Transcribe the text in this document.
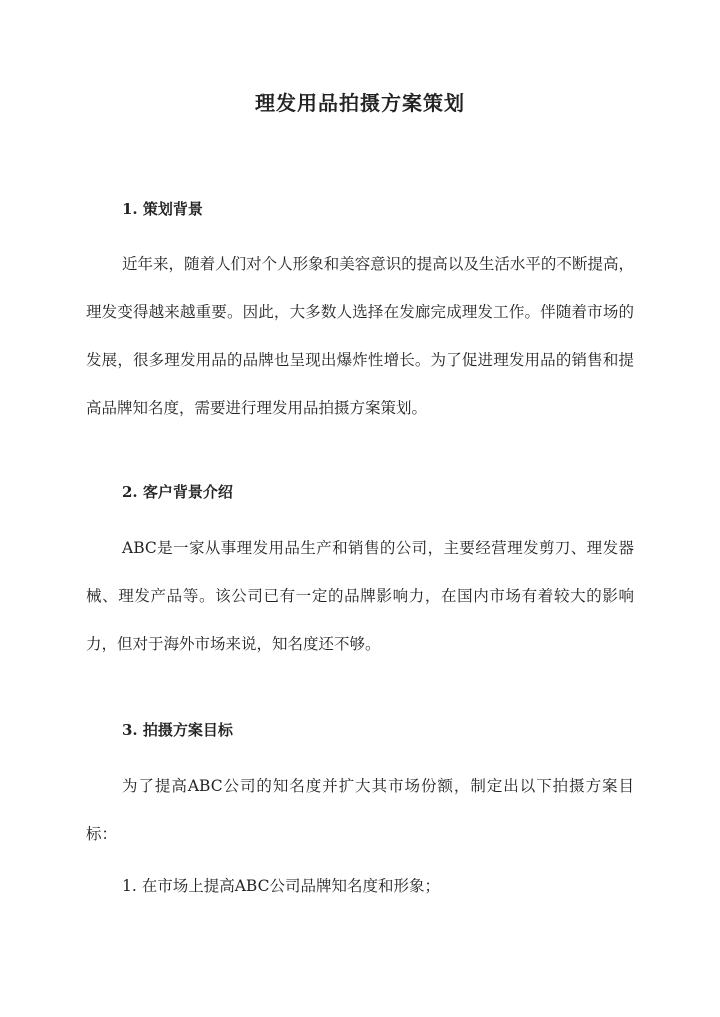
理发用品拍摄方案策划
1. 策划背景

近年来，随着人们对个人形象和美容意识的提高以及生活水平的不断提高，理发变得越来越重要。因此，大多数人选择在发廊完成理发工作。伴随着市场的发展，很多理发用品的品牌也呈现出爆炸性增长。为了促进理发用品的销售和提高品牌知名度，需要进行理发用品拍摄方案策划。

2. 客户背景介绍

ABC是一家从事理发用品生产和销售的公司，主要经营理发剪刀、理发器械、理发产品等。该公司已有一定的品牌影响力，在国内市场有着较大的影响力，但对于海外市场来说，知名度还不够。

3. 拍摄方案目标

为了提高ABC公司的知名度并扩大其市场份额，制定出以下拍摄方案目标：

1. 在市场上提高ABC公司品牌知名度和形象；
